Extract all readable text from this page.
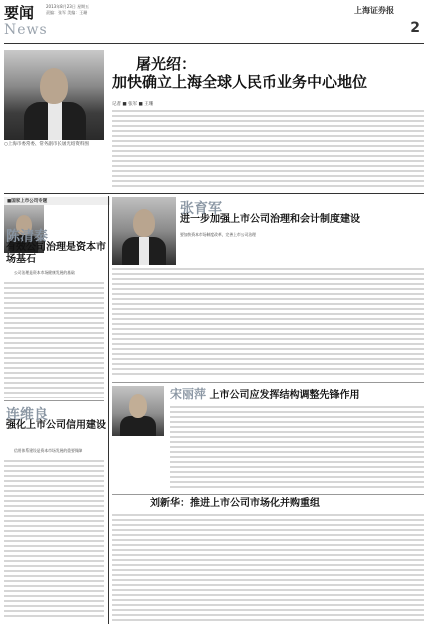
要闻
News
2013年8月23日 星期五
责编：张军 美编：王珊	上海证券报
2
○上海市委常委、常务副市长屠光绍资料图
屠光绍：
加快确立上海全球人民币业务中心地位
记者 ■ 张军 ■ 王珊
■国家上市公司专题
陈清泰
有效公司治理是资本市场基石
公司治理是资本市场健康发展的基础
连维良
强化上市公司信用建设
信用体系建设是资本市场发展的重要保障
张育军
进一步加强上市公司治理和会计制度建设
要加快资本市场制度改革，完善上市公司治理
宋丽萍 上市公司应发挥结构调整先锋作用
刘新华：推进上市公司市场化并购重组
